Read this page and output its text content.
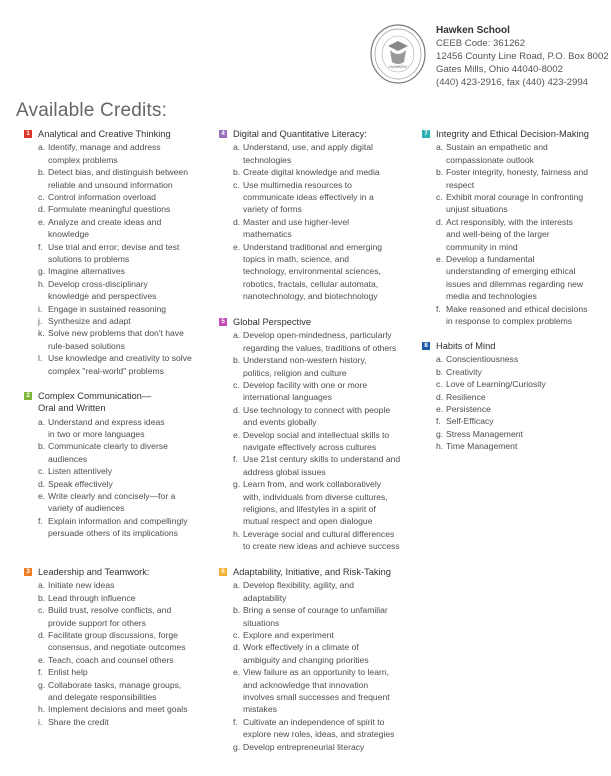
HAWKEN
Hawken School
CEEB Code: 361262
12456 County Line Road, P.O. Box 8002
Gates Mills, Ohio 44040-8002
(440) 423-2916, fax (440) 423-2994
Available Credits:
1 Analytical and Creative Thinking
a. Identify, manage and address
complex problems
b. Detect bias, and distinguish between
reliable and unsound information
c. Control information overload
d. Formulate meaningful questions
e. Analyze and create ideas and
knowledge
f. Use trial and error; devise and test
solutions to problems
g. Imagine alternatives
h. Develop cross-disciplinary
knowledge and perspectives
i. Engage in sustained reasoning
j. Synthesize and adapt
k. Solve new problems that don't have
rule-based solutions
l. Use knowledge and creativity to solve
complex "real-world" problems
2 Complex Communication—
Oral and Written
a. Understand and express ideas
in two or more languages
b. Communicate clearly to diverse
audiences
c. Listen attentively
d. Speak effectively
e. Write clearly and concisely—for a
variety of audiences
f. Explain information and compellingly
persuade others of its implications
3 Leadership and Teamwork:
a. Initiate new ideas
b. Lead through influence
c. Build trust, resolve conflicts, and
provide support for others
d. Facilitate group discussions, forge
consensus, and negotiate outcomes
e. Teach, coach and counsel others
f. Enlist help
g. Collaborate tasks, manage groups,
and delegate responsibilities
h. Implement decisions and meet goals
i. Share the credit
4 Digital and Quantitative Literacy:
a. Understand, use, and apply digital
technologies
b. Create digital knowledge and media
c. Use multimedia resources to
communicate ideas effectively in a
variety of forms
d. Master and use higher-level
mathematics
e. Understand traditional and emerging
topics in math, science, and
technology, environmental sciences,
robotics, fractals, cellular automata,
nanotechnology, and biotechnology
5 Global Perspective
a. Develop open-mindedness, particularly
regarding the values, traditions of others
b. Understand non-western history,
politics, religion and culture
c. Develop facility with one or more
international languages
d. Use technology to connect with people
and events globally
e. Develop social and intellectual skills to
navigate effectively across cultures
f. Use 21st century skills to understand and
address global issues
g. Learn from, and work collaboratively
with, individuals from diverse cultures,
religions, and lifestyles in a spirit of
mutual respect and open dialogue
h. Leverage social and cultural differences
to create new ideas and achieve success
6 Adaptability, Initiative, and Risk-Taking
a. Develop flexibility, agility, and
adaptability
b. Bring a sense of courage to unfamiliar
situations
c. Explore and experiment
d. Work effectively in a climate of
ambiguity and changing priorities
e. View failure as an opportunity to learn,
and acknowledge that innovation
involves small successes and frequent
mistakes
f. Cultivate an independence of spirit to
explore new roles, ideas, and strategies
g. Develop entrepreneurial literacy
7 Integrity and Ethical Decision-Making
a. Sustain an empathetic and
compassionate outlook
b. Foster integrity, honesty, fairness and
respect
c. Exhibit moral courage in confronting
unjust situations
d. Act responsibly, with the interests
and well-being of the larger
community in mind
e. Develop a fundamental
understanding of emerging ethical
issues and dilemmas regarding new
media and technologies
f. Make reasoned and ethical decisions
in response to complex problems
8 Habits of Mind
a. Conscientiousness
b. Creativity
c. Love of Learning/Curiosity
d. Resilience
e. Persistence
f. Self-Efficacy
g. Stress Management
h. Time Management
